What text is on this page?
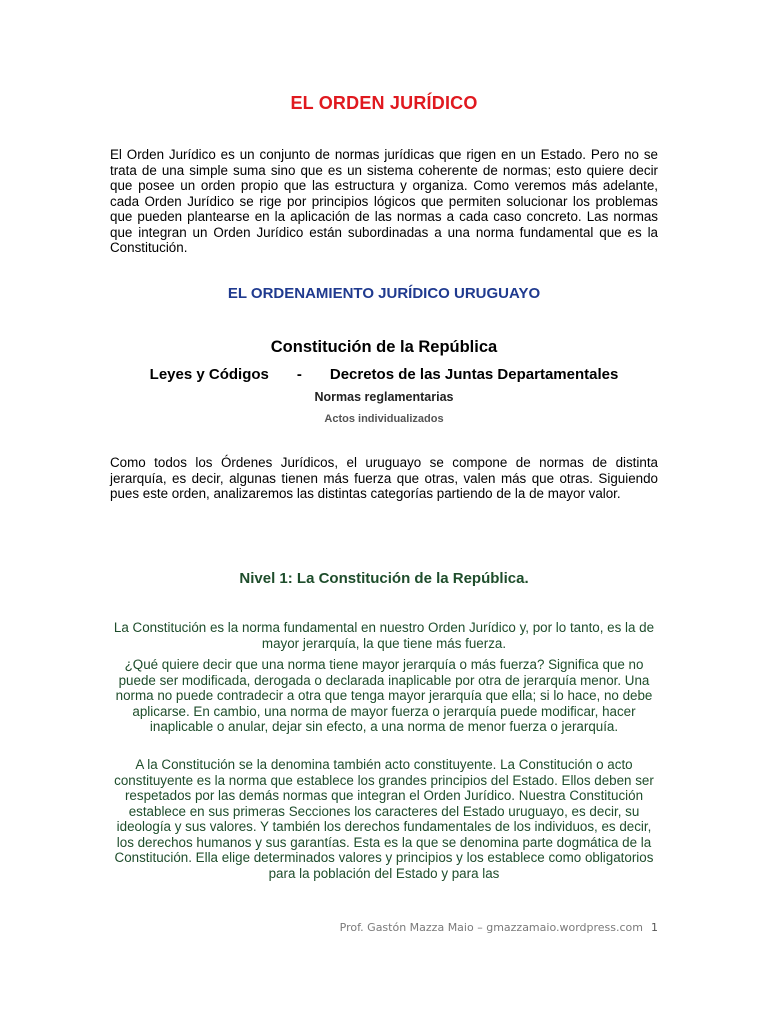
EL ORDEN JURÍDICO
El Orden Jurídico es un conjunto de normas jurídicas que rigen en un Estado. Pero no se trata de una simple suma sino que es un sistema coherente de normas; esto quiere decir que posee un orden propio que las estructura y organiza. Como veremos más adelante, cada Orden Jurídico se rige por principios lógicos que permiten solucionar los problemas que pueden plantearse en la aplicación de las normas a cada caso concreto. Las normas que integran un Orden Jurídico están subordinadas a una norma fundamental que es la Constitución.
EL ORDENAMIENTO JURÍDICO URUGUAYO
Constitución de la República
Leyes y Códigos - Decretos de las Juntas Departamentales
Normas reglamentarias
Actos individualizados
Como todos los Órdenes Jurídicos, el uruguayo se compone de normas de distinta jerarquía, es decir, algunas tienen más fuerza que otras, valen más que otras. Siguiendo pues este orden, analizaremos las distintas categorías partiendo de la de mayor valor.
Nivel 1: La Constitución de la República.
La Constitución es la norma fundamental en nuestro Orden Jurídico y, por lo tanto, es la de mayor jerarquía, la que tiene más fuerza.
¿Qué quiere decir que una norma tiene mayor jerarquía o más fuerza? Significa que no puede ser modificada, derogada o declarada inaplicable por otra de jerarquía menor. Una norma no puede contradecir a otra que tenga mayor jerarquía que ella; si lo hace, no debe aplicarse. En cambio, una norma de mayor fuerza o jerarquía puede modificar, hacer inaplicable o anular, dejar sin efecto, a una norma de menor fuerza o jerarquía.
A la Constitución se la denomina también acto constituyente. La Constitución o acto constituyente es la norma que establece los grandes principios del Estado. Ellos deben ser respetados por las demás normas que integran el Orden Jurídico. Nuestra Constitución establece en sus primeras Secciones los caracteres del Estado uruguayo, es decir, su ideología y sus valores. Y también los derechos fundamentales de los individuos, es decir, los derechos humanos y sus garantías. Esta es la que se denomina parte dogmática de la Constitución. Ella elige determinados valores y principios y los establece como obligatorios para la población del Estado y para las
Prof. Gastón Mazza Maio – gmazzamaio.wordpress.com 1
